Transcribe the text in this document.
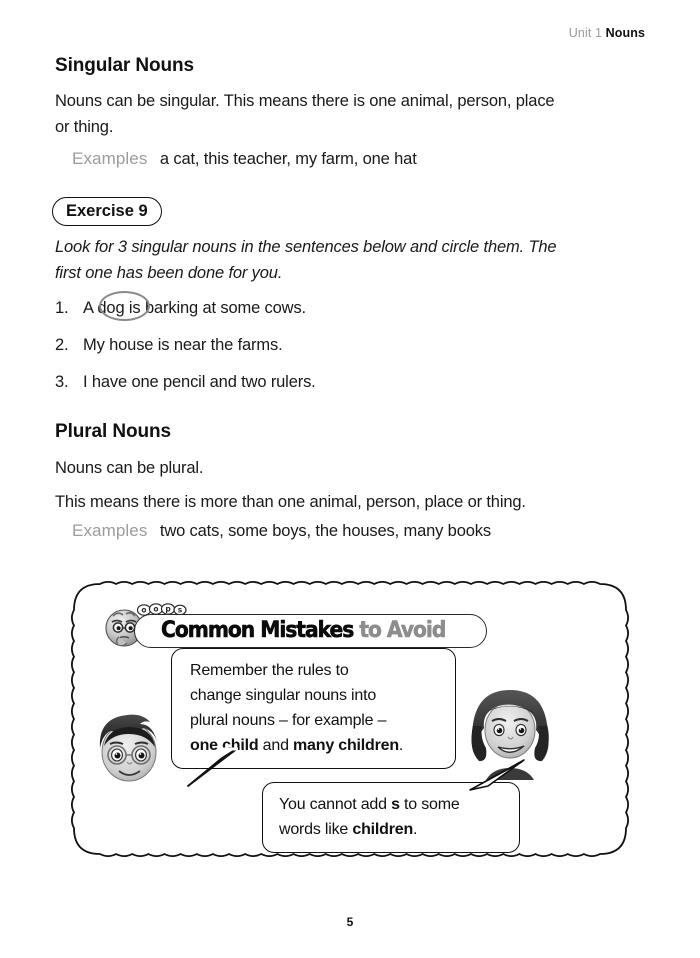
Unit 1 Nouns
Singular Nouns
Nouns can be singular. This means there is one animal, person, place
or thing.
Examples a cat, this teacher, my farm, one hat
Exercise 9
Look for 3 singular nouns in the sentences below and circle them. The
first one has been done for you.
1. A dog is barking at some cows.
2. My house is near the farms.
3. I have one pencil and two rulers.
Plural Nouns
Nouns can be plural.
This means there is more than one animal, person, place or thing.
Examples two cats, some boys, the houses, many books
o o p s
Common Mistakes to Avoid
Remember the rules to
change singular nouns into
plural nouns – for example –
one child and many children.
You cannot add s to some
words like children.
5
